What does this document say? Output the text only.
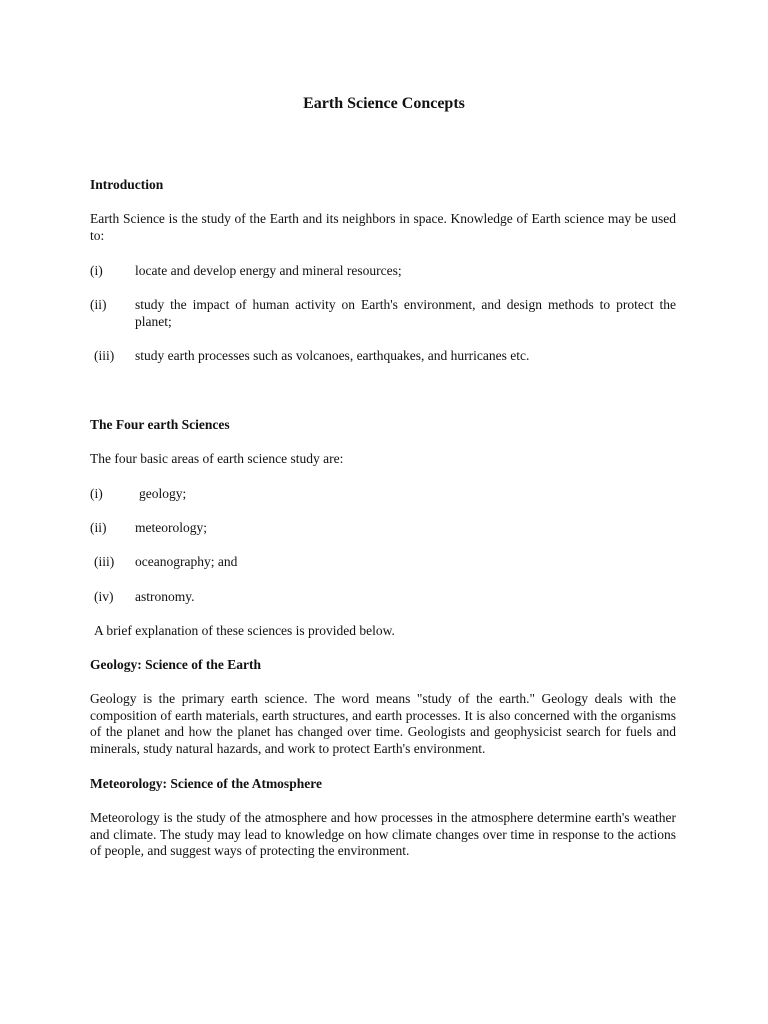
Earth Science Concepts
Introduction

Earth Science is the study of the Earth and its neighbors in space. Knowledge of Earth science may be used to:

(i) locate and develop energy and mineral resources;
(ii) study the impact of human activity on Earth's environment, and design methods to protect the planet;
(iii) study earth processes such as volcanoes, earthquakes, and hurricanes etc.
The Four earth Sciences

The four basic areas of earth science study are:

(i)	geology;
(ii) meteorology;
(iii) oceanography; and
(iv) astronomy.

A brief explanation of these sciences is provided below.

Geology: Science of the Earth

Geology is the primary earth science. The word means "study of the earth." Geology deals with the composition of earth materials, earth structures, and earth processes. It is also concerned with the organisms of the planet and how the planet has changed over time. Geologists and geophysicist search for fuels and minerals, study natural hazards, and work to protect Earth's environment.

Meteorology: Science of the Atmosphere

Meteorology is the study of the atmosphere and how processes in the atmosphere determine earth's weather and climate. The study may lead to knowledge on how climate changes over time in response to the actions of people, and suggest ways of protecting the environment.
